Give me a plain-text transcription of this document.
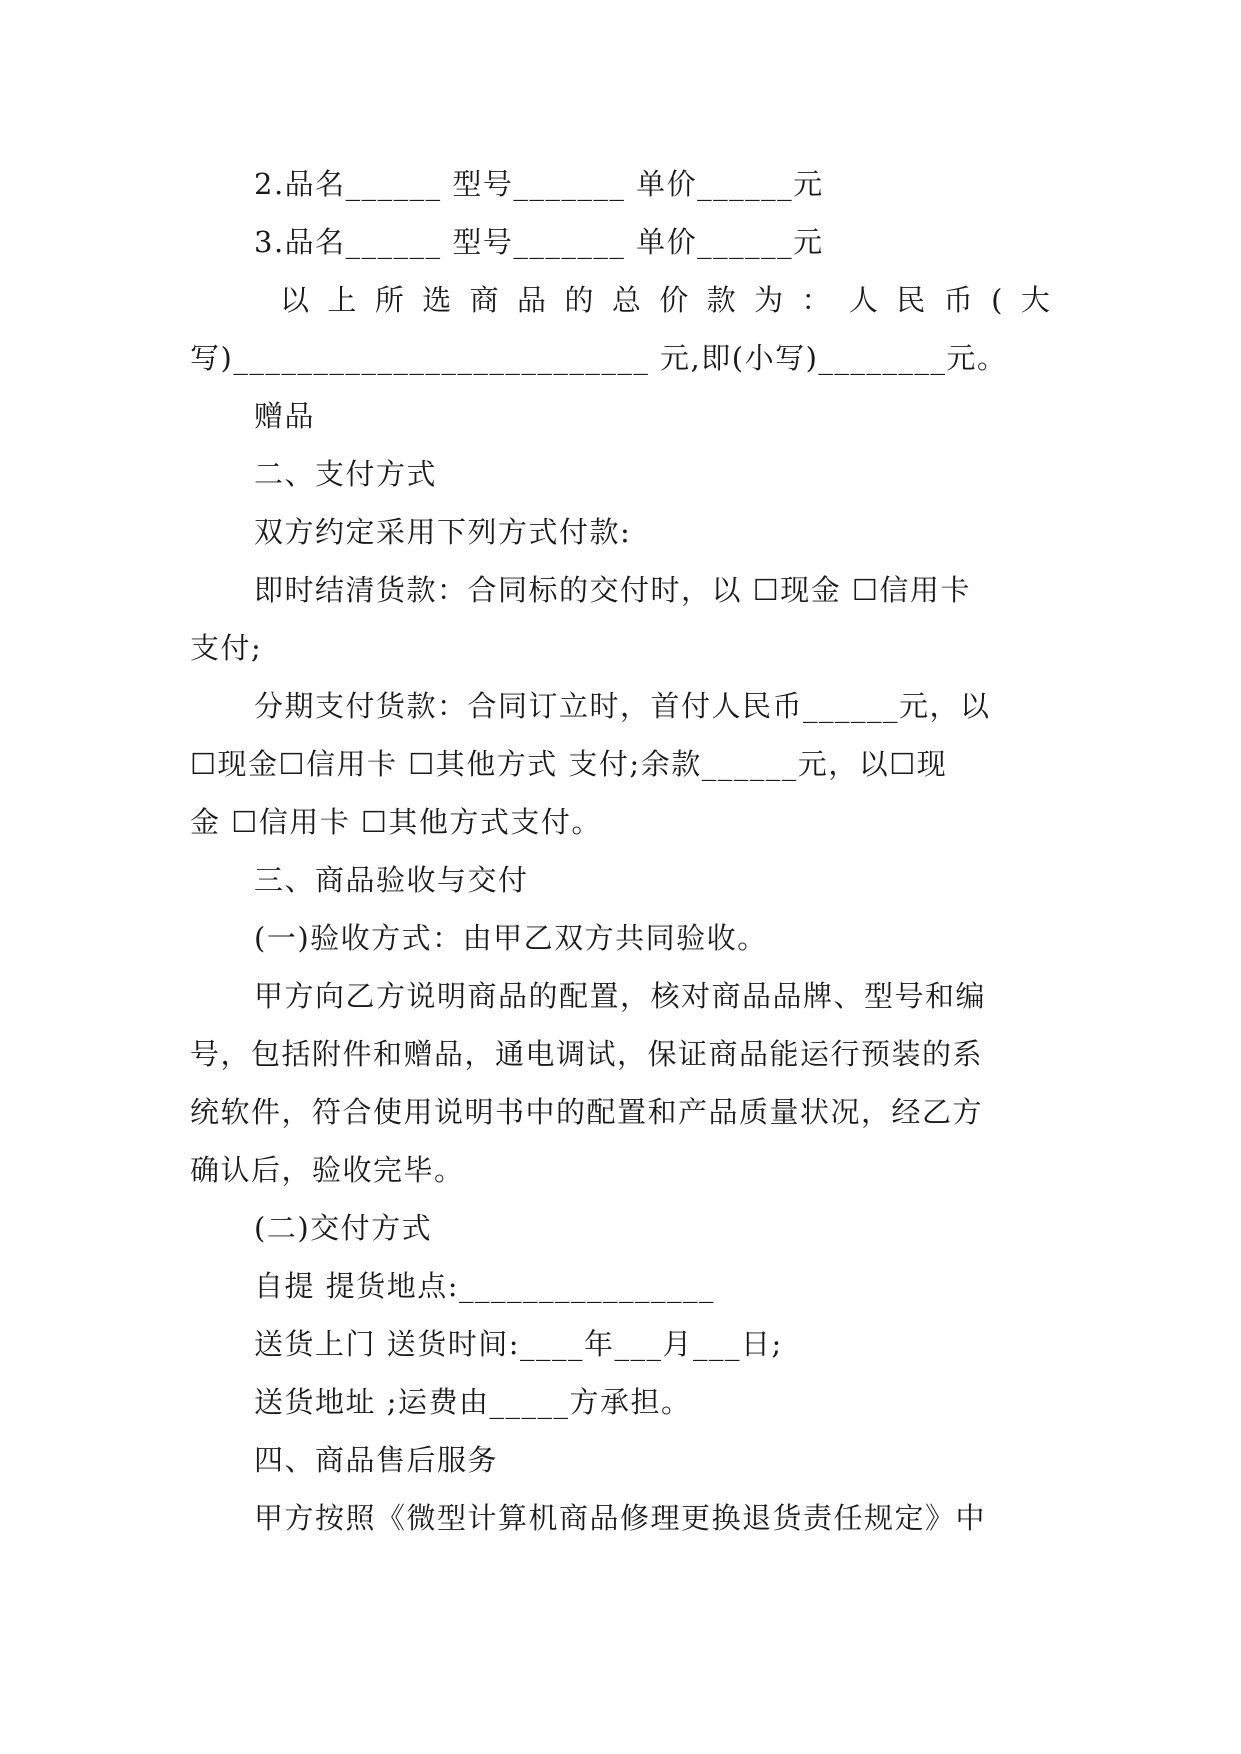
2.品名______ 型号_______ 单价______元
3.品名______ 型号_______ 单价______元
以 上 所 选 商 品 的 总 价 款 为 ： 人 民 币 ( 大
写)__________________________ 元,即(小写)________元。
赠品
二、支付方式
双方约定采用下列方式付款:
即时结清货款：合同标的交付时，以 ☐现金 ☐信用卡
支付;
分期支付货款：合同订立时，首付人民币______元，以
☐现金☐信用卡 ☐其他方式 支付;余款______元，以☐现
金 ☐信用卡 ☐其他方式支付。
三、商品验收与交付
(一)验收方式：由甲乙双方共同验收。
甲方向乙方说明商品的配置，核对商品品牌、型号和编
号，包括附件和赠品，通电调试，保证商品能运行预装的系
统软件，符合使用说明书中的配置和产品质量状况，经乙方
确认后，验收完毕。
(二)交付方式
自提 提货地点:________________
送货上门 送货时间:____年___月___日;
送货地址 ;运费由_____方承担。
四、商品售后服务
甲方按照《微型计算机商品修理更换退货责任规定》中
